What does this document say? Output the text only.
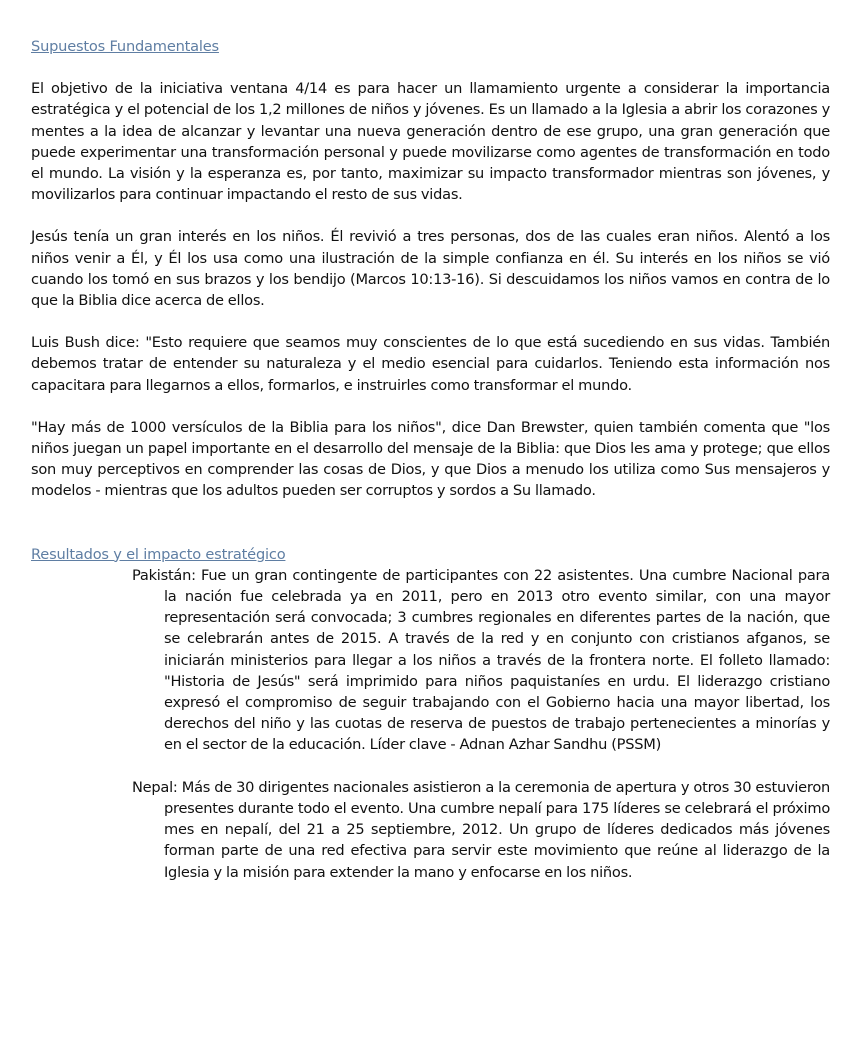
Supuestos Fundamentales

El objetivo de la iniciativa ventana 4/14 es para hacer un llamamiento urgente a considerar la importancia estratégica y el potencial de los 1,2 millones de niños y jóvenes. Es un llamado a la Iglesia a abrir los corazones y mentes a la idea de alcanzar y levantar una nueva generación dentro de ese grupo, una gran generación que puede experimentar una transformación personal y puede movilizarse como agentes de transformación en todo el mundo. La visión y la esperanza es, por tanto, maximizar su impacto transformador mientras son jóvenes, y movilizarlos para continuar impactando el resto de sus vidas.

Jesús tenía un gran interés en los niños. Él revivió a tres personas, dos de las cuales eran niños. Alentó a los niños venir a Él, y Él los usa como una ilustración de la simple confianza en él. Su interés en los niños se vió cuando los tomó en sus brazos y los bendijo (Marcos 10:13-16). Si descuidamos los niños vamos en contra de lo que la Biblia dice acerca de ellos.

Luis Bush dice: "Esto requiere que seamos muy conscientes de lo que está sucediendo en sus vidas. También debemos tratar de entender su naturaleza y el medio esencial para cuidarlos. Teniendo esta información nos capacitara para llegarnos a ellos, formarlos, e instruirles como transformar el mundo.

"Hay más de 1000 versículos de la Biblia para los niños", dice Dan Brewster, quien también comenta que "los niños juegan un papel importante en el desarrollo del mensaje de la Biblia: que Dios les ama y protege; que ellos son muy perceptivos en comprender las cosas de Dios, y que Dios a menudo los utiliza como Sus mensajeros y modelos - mientras que los adultos pueden ser corruptos y sordos a Su llamado.

Resultados y el impacto estratégico

Pakistán: Fue un gran contingente de participantes con 22 asistentes. Una cumbre Nacional para la nación fue celebrada ya en 2011, pero en 2013 otro evento similar, con una mayor representación será convocada; 3 cumbres regionales en diferentes partes de la nación, que se celebrarán antes de 2015. A través de la red y en conjunto con cristianos afganos, se iniciarán ministerios para llegar a los niños a través de la frontera norte. El folleto llamado: "Historia de Jesús" será imprimido para niños paquistaníes en urdu. El liderazgo cristiano expresó el compromiso de seguir trabajando con el Gobierno hacia una mayor libertad, los derechos del niño y las cuotas de reserva de puestos de trabajo pertenecientes a minorías y en el sector de la educación. Líder clave - Adnan Azhar Sandhu (PSSM)

Nepal: Más de 30 dirigentes nacionales asistieron a la ceremonia de apertura y otros 30 estuvieron presentes durante todo el evento. Una cumbre nepalí para 175 líderes se celebrará el próximo mes en nepalí, del 21 a 25 septiembre, 2012. Un grupo de líderes dedicados más jóvenes forman parte de una red efectiva para servir este movimiento que reúne al liderazgo de la Iglesia y la misión para extender la mano y enfocarse en los niños.
